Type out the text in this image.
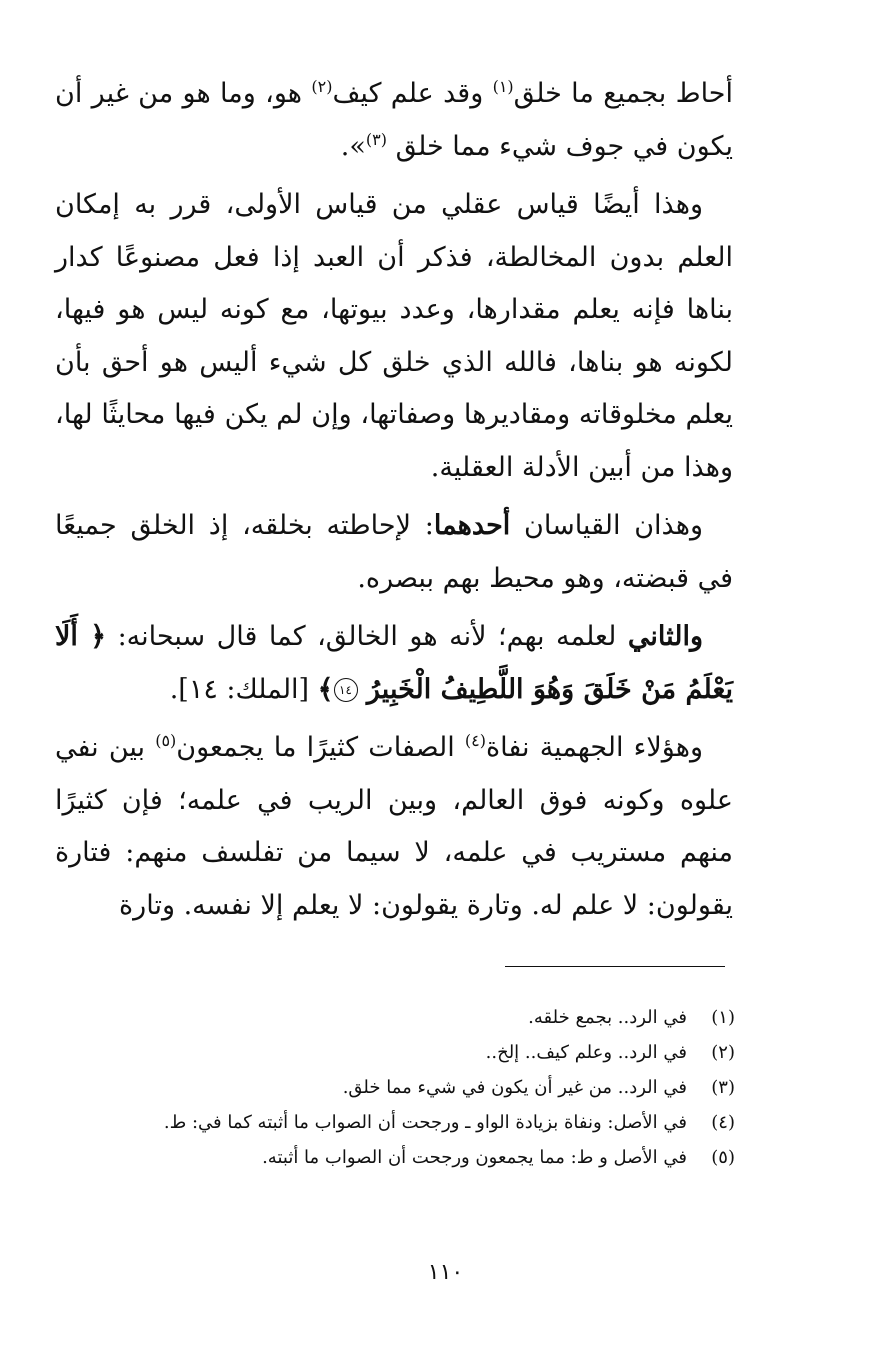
أحاط بجميع ما خلق$^{(١)}$ وقد علم كيف$^{(٢)}$ هو، وما هو من غير أن يكون في جوف شيء مما خلق $^{(٣)}$».

وهذا أيضًا قياس عقلي من قياس الأولى، قرر به إمكان العلم بدون المخالطة، فذكر أن العبد إذا فعل مصنوعًا كدار بناها فإنه يعلم مقدارها، وعدد بيوتها، مع كونه ليس هو فيها، لكونه هو بناها، فالله الذي خلق كل شيء أليس هو أحق بأن يعلم مخلوقاته ومقاديرها وصفاتها، وإن لم يكن فيها محايثًا لها، وهذا من أبين الأدلة العقلية.

وهذان القياسان أحدهما: لإحاطته بخلقه، إذ الخلق جميعًا في قبضته، وهو محيط بهم ببصره.

والثاني لعلمه بهم؛ لأنه هو الخالق، كما قال سبحانه: ﴿ أَلَا يَعْلَمُ مَنْ خَلَقَ وَهُوَ اللَّطِيفُ الْخَبِيرُ ١٤﴾ [الملك: ١٤].

وهؤلاء الجهمية نفاة$^{(٤)}$ الصفات كثيرًا ما يجمعون$^{(٥)}$ بين نفي علوه وكونه فوق العالم، وبين الريب في علمه؛ فإن كثيرًا منهم مستريب في علمه، لا سيما من تفلسف منهم: فتارة يقولون: لا علم له. وتارة يقولون: لا يعلم إلا نفسه. وتارة

(١)
في الرد.. بجمع خلقه.
(٢)
في الرد.. وعلم كيف.. إلخ..
(٣)
في الرد.. من غير أن يكون في شيء مما خلق.
(٤)
في الأصل: ونفاة بزيادة الواو ـ ورجحت أن الصواب ما أثبته كما في: ط.
(٥)
في الأصل و ط: مما يجمعون ورجحت أن الصواب ما أثبته.
١١٠
